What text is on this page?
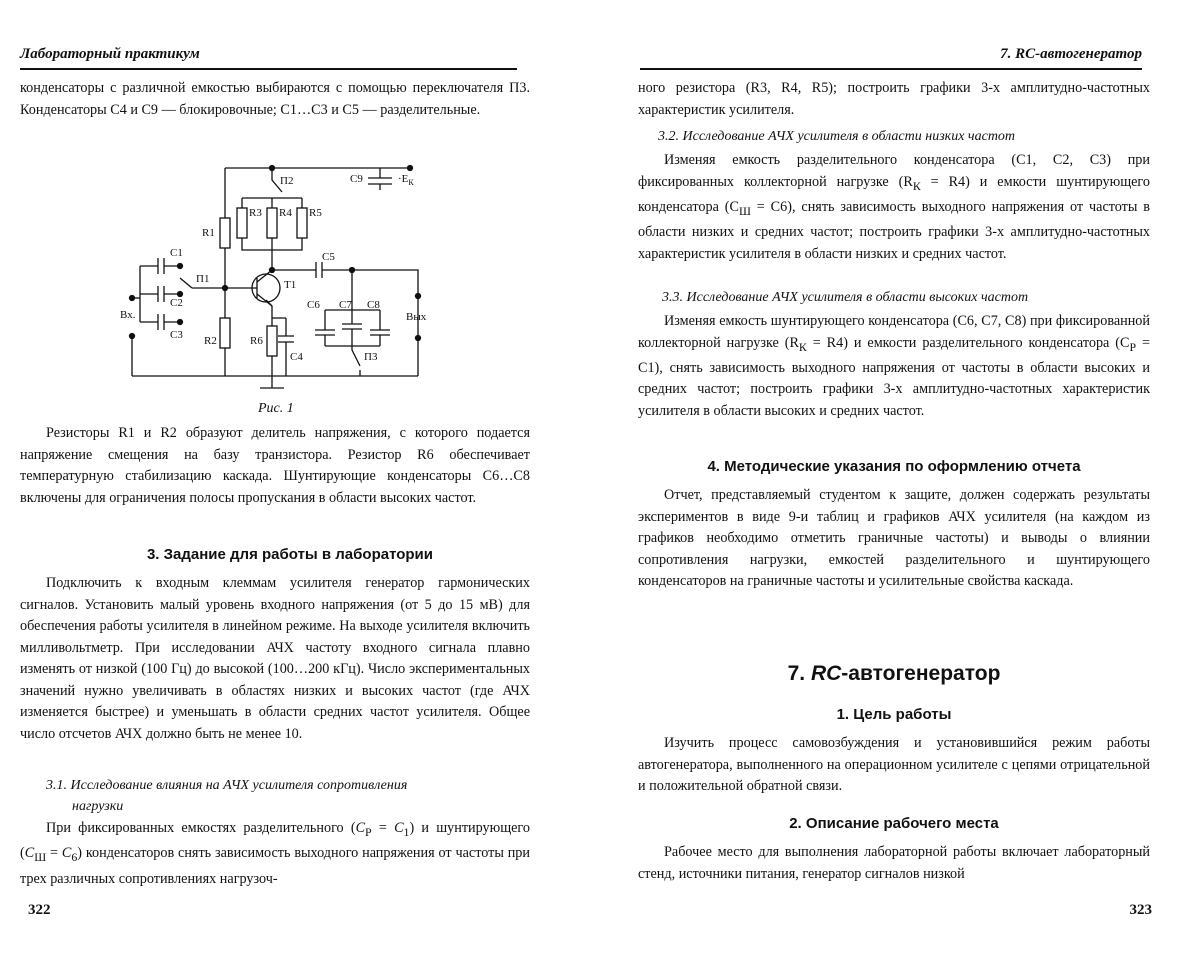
Лабораторный практикум

конденсаторы с различной емкостью выбираются с помощью переключателя П3. Конденсаторы С4 и С9 — блокировочные; С1…С3 и С5 — разделительные.

П2	С9	·ЕК
R1
R3 R4 R5
С1
П1
С5
Т1
С2
Вх.
С6 С7 С8
Вых
С3 R2	R6
С4	П3
Рис. 1

Резисторы R1 и R2 образуют делитель напряжения, с которого подается напряжение смещения на базу транзистора. Резистор R6 обеспечивает температурную стабилизацию каскада. Шунтирующие конденсаторы С6…С8 включены для ограничения полосы пропускания в области высоких частот.

3. Задание для работы в лаборатории

Подключить к входным клеммам усилителя генератор гармонических сигналов. Установить малый уровень входного напряжения (от 5 до 15 мВ) для обеспечения работы усилителя в линейном режиме. На выходе усилителя включить милливольтметр. При исследовании АЧХ частоту входного сигнала плавно изменять от низкой (100 Гц) до высокой (100…200 кГц). Число экспериментальных значений нужно увеличивать в областях низких и высоких частот (где АЧХ изменяется быстрее) и уменьшать в области средних частот усилителя. Общее число отсчетов АЧХ должно быть не менее 10.

3.1. Исследование влияния на АЧХ усилителя сопротивления

нагрузки

При фиксированных емкостях разделительного (CP = C1) и шунтирующего (CШ = C6) конденсаторов снять зависимость выходного напряжения от частоты при трех различных сопротивлениях нагрузоч-

322
7. RC-автогенератор

ного резистора (R3, R4, R5); построить графики 3-х амплитудно-частотных характеристик усилителя.

3.2. Исследование АЧХ усилителя в области низких частот

Изменяя емкость разделительного конденсатора (С1, С2, С3) при фиксированных коллекторной нагрузке (RК = R4) и емкости шунтирующего конденсатора (СШ = С6), снять зависимость выходного напряжения от частоты в области низких и средних частот; построить графики 3-х амплитудно-частотных характеристик усилителя в области низких и средних частот.

3.3. Исследование АЧХ усилителя в области высоких частот

Изменяя емкость шунтирующего конденсатора (С6, С7, С8) при фиксированной коллекторной нагрузке (RК = R4) и емкости разделительного конденсатора (СР = С1), снять зависимость выходного напряжения от частоты в области высоких и средних частот; построить графики 3-х амплитудно-частотных характеристик усилителя в области высоких и средних частот.

4. Методические указания по оформлению отчета

Отчет, представляемый студентом к защите, должен содержать результаты экспериментов в виде 9-и таблиц и графиков АЧХ усилителя (на каждом из графиков необходимо отметить граничные частоты) и выводы о влиянии сопротивления нагрузки, емкостей разделительного и шунтирующего конденсаторов на граничные частоты и усилительные свойства каскада.

7. RC-автогенератор

1. Цель работы

Изучить процесс самовозбуждения и установившийся режим работы автогенератора, выполненного на операционном усилителе с цепями отрицательной и положительной обратной связи.

2. Описание рабочего места

Рабочее место для выполнения лабораторной работы включает лабораторный стенд, источники питания, генератор сигналов низкой

323
